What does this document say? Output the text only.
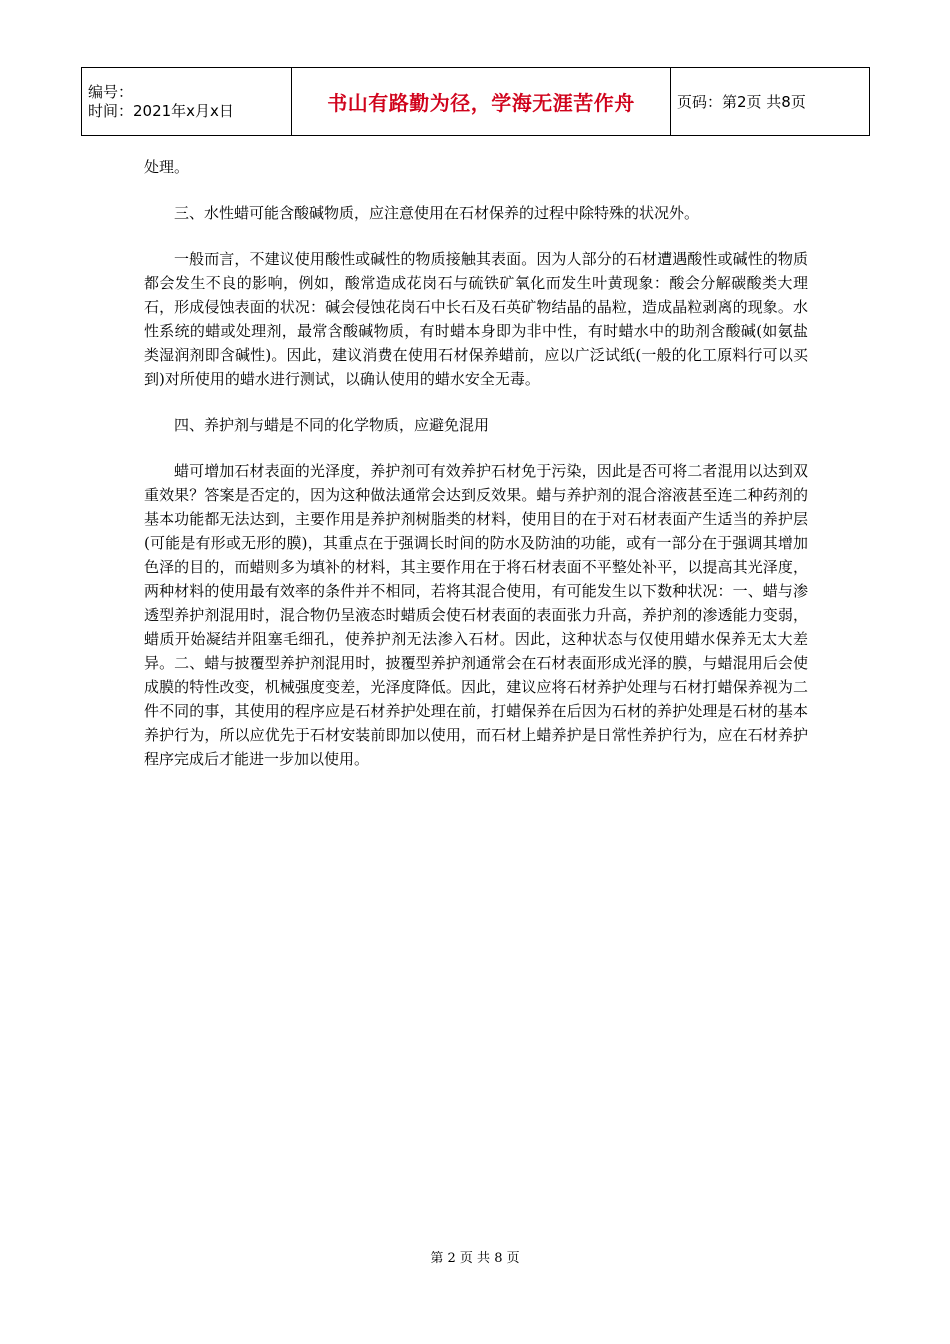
编号：
时间：2021年x月x日	书山有路勤为径，学海无涯苦作舟	页码：第2页 共8页

处理。

三、水性蜡可能含酸碱物质，应注意使用在石材保养的过程中除特殊的状况外。

一般而言，不建议使用酸性或碱性的物质接触其表面。因为人部分的石材遭遇酸性或碱性的物质都会发生不良的影响，例如，酸常造成花岗石与硫铁矿氧化而发生叶黄现象：酸会分解碳酸类大理石，形成侵蚀表面的状况：碱会侵蚀花岗石中长石及石英矿物结晶的晶粒，造成晶粒剥离的现象。水性系统的蜡或处理剂，最常含酸碱物质，有时蜡本身即为非中性，有时蜡水中的助剂含酸碱(如氨盐类湿润剂即含碱性)。因此，建议消费在使用石材保养蜡前，应以广泛试纸(一般的化工原料行可以买到)对所使用的蜡水进行测试，以确认使用的蜡水安全无毒。

四、养护剂与蜡是不同的化学物质，应避免混用

蜡可增加石材表面的光泽度，养护剂可有效养护石材免于污染，因此是否可将二者混用以达到双重效果？答案是否定的，因为这种做法通常会达到反效果。蜡与养护剂的混合溶液甚至连二种药剂的基本功能都无法达到，主要作用是养护剂树脂类的材料，使用目的在于对石材表面产生适当的养护层(可能是有形或无形的膜)，其重点在于强调长时间的防水及防油的功能，或有一部分在于强调其增加色泽的目的，而蜡则多为填补的材料，其主要作用在于将石材表面不平整处补平，以提高其光泽度，两种材料的使用最有效率的条件并不相同，若将其混合使用，有可能发生以下数种状况：一、蜡与渗透型养护剂混用时，混合物仍呈液态时蜡质会使石材表面的表面张力升高，养护剂的渗透能力变弱，蜡质开始凝结并阻塞毛细孔，使养护剂无法渗入石材。因此，这种状态与仅使用蜡水保养无太大差异。二、蜡与披覆型养护剂混用时，披覆型养护剂通常会在石材表面形成光泽的膜，与蜡混用后会使成膜的特性改变，机械强度变差，光泽度降低。因此，建议应将石材养护处理与石材打蜡保养视为二件不同的事，其使用的程序应是石材养护处理在前，打蜡保养在后因为石材的养护处理是石材的基本养护行为，所以应优先于石材安装前即加以使用，而石材上蜡养护是日常性养护行为，应在石材养护程序完成后才能进一步加以使用。

第 2 页 共 8 页
